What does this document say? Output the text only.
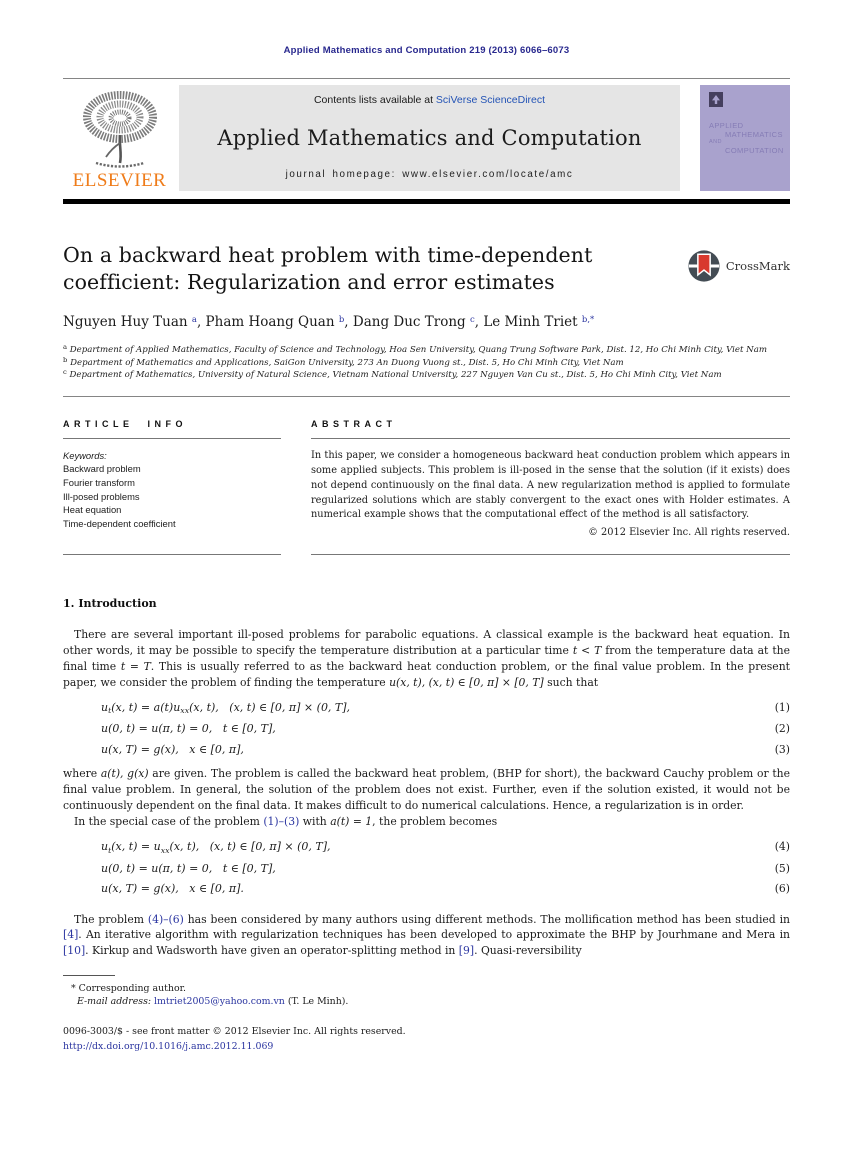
Applied Mathematics and Computation 219 (2013) 6066–6073
ELSEVIER
Contents lists available at SciVerse ScienceDirect
Applied Mathematics and Computation
journal homepage: www.elsevier.com/locate/amc
APPLIED
MATHEMATICS
AND
COMPUTATION
On a backward heat problem with time-dependent coefficient: Regularization and error estimates
CrossMark
Nguyen Huy Tuan $^a$, Pham Hoang Quan $^b$, Dang Duc Trong $^c$, Le Minh Triet $^{b,*}$
$^a$ Department of Applied Mathematics, Faculty of Science and Technology, Hoa Sen University, Quang Trung Software Park, Dist. 12, Ho Chi Minh City, Viet Nam
$^b$ Department of Mathematics and Applications, SaiGon University, 273 An Duong Vuong st., Dist. 5, Ho Chi Minh City, Viet Nam
$^c$ Department of Mathematics, University of Natural Science, Vietnam National University, 227 Nguyen Van Cu st., Dist. 5, Ho Chi Minh City, Viet Nam
ARTICLE INFO
Keywords:
Backward problem
Fourier transform
Ill-posed problems
Heat equation
Time-dependent coefficient
ABSTRACT
In this paper, we consider a homogeneous backward heat conduction problem which appears in some applied subjects. This problem is ill-posed in the sense that the solution (if it exists) does not depend continuously on the final data. A new regularization method is applied to formulate regularized solutions which are stably convergent to the exact ones with Holder estimates. A numerical example shows that the computational effect of the method is all satisfactory.
© 2012 Elsevier Inc. All rights reserved.
1. Introduction
There are several important ill-posed problems for parabolic equations. A classical example is the backward heat equation. In other words, it may be possible to specify the temperature distribution at a particular time t < T from the temperature data at the final time t = T. This is usually referred to as the backward heat conduction problem, or the final value problem. In the present paper, we consider the problem of finding the temperature u(x, t), (x, t) ∈ [0, π] × [0, T] such that
$u_t(x$, $t) = a(t)u_{xx}(x$, t), (x, t) ∈ [0, π] × (0, T],	(1)
u(0, t) = u(π, t) = 0, t ∈ [0, T],	(2)
u(x, T) = g(x), x ∈ [0, π],	(3)
where a(t), g(x) are given. The problem is called the backward heat problem, (BHP for short), the backward Cauchy problem or the final value problem. In general, the solution of the problem does not exist. Further, even if the solution existed, it would not be continuously dependent on the final data. It makes difficult to do numerical calculations. Hence, a regularization is in order.
In the special case of the problem (1)–(3) with a(t) = 1, the problem becomes
$u_t(x$, $t) = u_{xx}(x$, t), (x, t) ∈ [0, π] × (0, T],	(4)
u(0, t) = u(π, t) = 0, t ∈ [0, T],	(5)
u(x, T) = g(x), x ∈ [0, π].	(6)
The problem (4)–(6) has been considered by many authors using different methods. The mollification method has been studied in [4]. An iterative algorithm with regularization techniques has been developed to approximate the BHP by Jourhmane and Mera in [10]. Kirkup and Wadsworth have given an operator-splitting method in [9]. Quasi-reversibility
* Corresponding author.
E-mail address: lmtriet2005@yahoo.com.vn (T. Le Minh).
0096-3003/$ - see front matter © 2012 Elsevier Inc. All rights reserved.
http://dx.doi.org/10.1016/j.amc.2012.11.069
